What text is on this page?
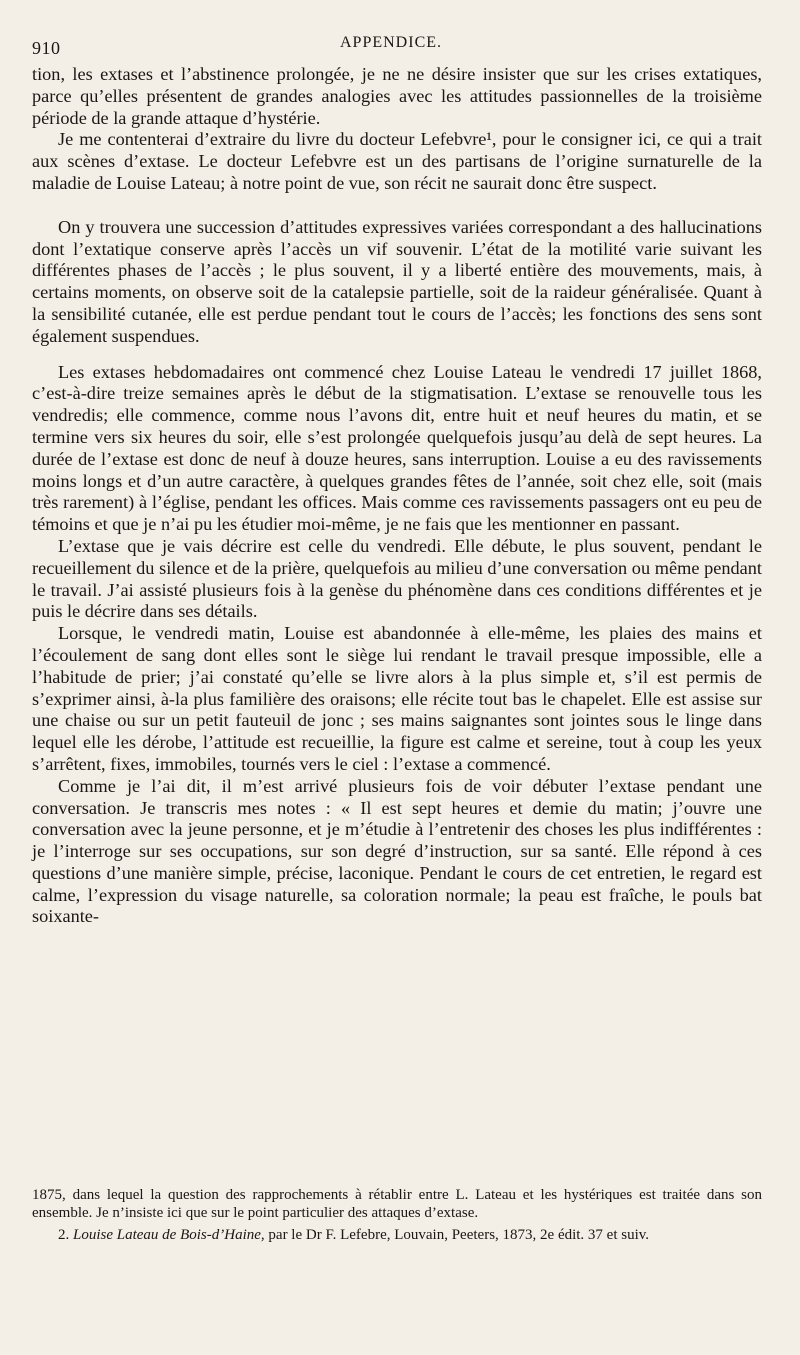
910	APPENDICE.

tion, les extases et l’abstinence prolongée, je ne ne désire insister que sur les crises extatiques, parce qu’elles présentent de grandes analogies avec les attitudes passionnelles de la troisième période de la grande attaque d’hystérie.

Je me contenterai d’extraire du livre du docteur Lefebvre¹, pour le consigner ici, ce qui a trait aux scènes d’extase. Le docteur Lefebvre est un des partisans de l’origine surnaturelle de la maladie de Louise Lateau; à notre point de vue, son récit ne saurait donc être suspect.

On y trouvera une succession d’attitudes expressives variées correspondant a des hallucinations dont l’extatique conserve après l’accès un vif souvenir. L’état de la motilité varie suivant les différentes phases de l’accès ; le plus souvent, il y a liberté entière des mouvements, mais, à certains moments, on observe soit de la catalepsie partielle, soit de la raideur généralisée. Quant à la sensibilité cutanée, elle est perdue pendant tout le cours de l’accès; les fonctions des sens sont également suspendues.

Les extases hebdomadaires ont commencé chez Louise Lateau le vendredi 17 juillet 1868, c’est-à-dire treize semaines après le début de la stigmatisation. L’extase se renouvelle tous les vendredis; elle commence, comme nous l’avons dit, entre huit et neuf heures du matin, et se termine vers six heures du soir, elle s’est prolongée quelquefois jusqu’au delà de sept heures. La durée de l’extase est donc de neuf à douze heures, sans interruption. Louise a eu des ravissements moins longs et d’un autre caractère, à quelques grandes fêtes de l’année, soit chez elle, soit (mais très rarement) à l’église, pendant les offices. Mais comme ces ravissements passagers ont eu peu de témoins et que je n’ai pu les étudier moi-même, je ne fais que les mentionner en passant.

L’extase que je vais décrire est celle du vendredi. Elle débute, le plus souvent, pendant le recueillement du silence et de la prière, quelquefois au milieu d’une conversation ou même pendant le travail. J’ai assisté plusieurs fois à la genèse du phénomène dans ces conditions différentes et je puis le décrire dans ses détails.

Lorsque, le vendredi matin, Louise est abandonnée à elle-même, les plaies des mains et l’écoulement de sang dont elles sont le siège lui rendant le travail presque impossible, elle a l’habitude de prier; j’ai constaté qu’elle se livre alors à la plus simple et, s’il est permis de s’exprimer ainsi, à-la plus familière des oraisons; elle récite tout bas le chapelet. Elle est assise sur une chaise ou sur un petit fauteuil de jonc ; ses mains saignantes sont jointes sous le linge dans lequel elle les dérobe, l’attitude est recueillie, la figure est calme et sereine, tout à coup les yeux s’arrêtent, fixes, immobiles, tournés vers le ciel : l’extase a commencé.

Comme je l’ai dit, il m’est arrivé plusieurs fois de voir débuter l’extase pendant une conversation. Je transcris mes notes : « Il est sept heures et demie du matin; j’ouvre une conversation avec la jeune personne, et je m’étudie à l’entretenir des choses les plus indifférentes : je l’interroge sur ses occupations, sur son degré d’instruction, sur sa santé. Elle répond à ces questions d’une manière simple, précise, laconique. Pendant le cours de cet entretien, le regard est calme, l’expression du visage naturelle, sa coloration normale; la peau est fraîche, le pouls bat soixante-

1875, dans lequel la question des rapprochements à rétablir entre L. Lateau et les hystériques est traitée dans son ensemble. Je n’insiste ici que sur le point particulier des attaques d’extase.

2. Louise Lateau de Bois-d’Haine, par le Dr F. Lefebre, Louvain, Peeters, 1873, 2e édit. 37 et suiv.
